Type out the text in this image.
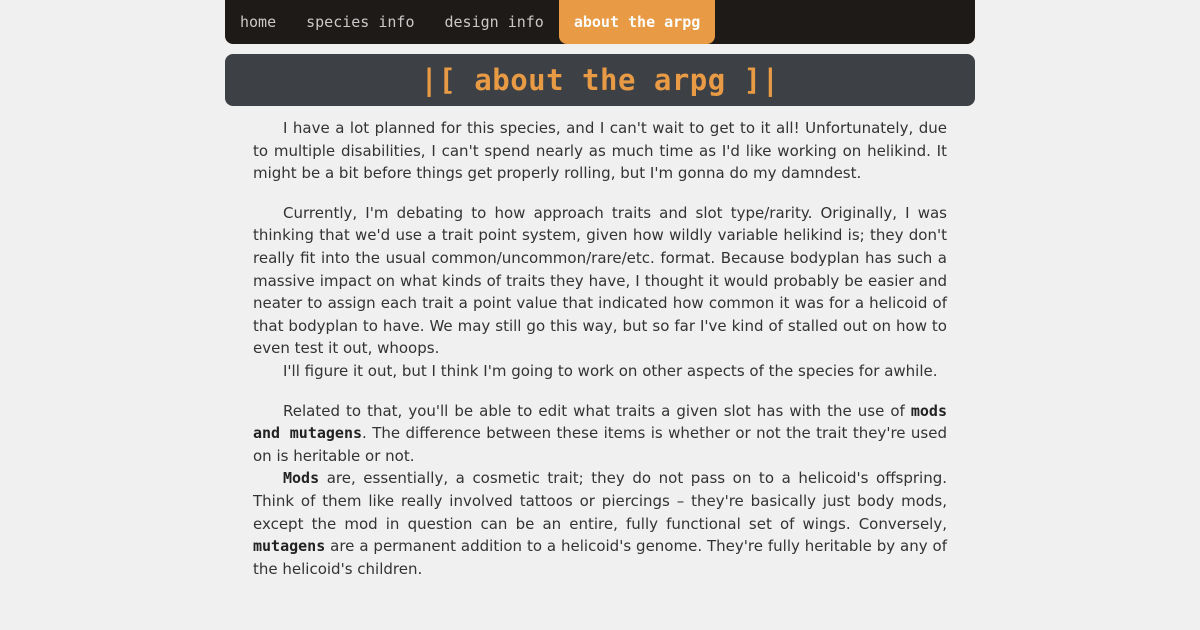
home	species info	design info	about the arpg
|[ about the arpg ]|

I have a lot planned for this species, and I can't wait to get to it all! Unfortunately, due to multiple disabilities, I can't spend nearly as much time as I'd like working on helikind. It might be a bit before things get properly rolling, but I'm gonna do my damndest.

Currently, I'm debating to how approach traits and slot type/rarity. Originally, I was thinking that we'd use a trait point system, given how wildly variable helikind is; they don't really fit into the usual common/uncommon/rare/etc. format. Because bodyplan has such a massive impact on what kinds of traits they have, I thought it would probably be easier and neater to assign each trait a point value that indicated how common it was for a helicoid of that bodyplan to have. We may still go this way, but so far I've kind of stalled out on how to even test it out, whoops.

I'll figure it out, but I think I'm going to work on other aspects of the species for awhile.

Related to that, you'll be able to edit what traits a given slot has with the use of mods and mutagens. The difference between these items is whether or not the trait they're used on is heritable or not.

Mods are, essentially, a cosmetic trait; they do not pass on to a helicoid's offspring. Think of them like really involved tattoos or piercings – they're basically just body mods, except the mod in question can be an entire, fully functional set of wings. Conversely, mutagens are a permanent addition to a helicoid's genome. They're fully heritable by any of the helicoid's children.
